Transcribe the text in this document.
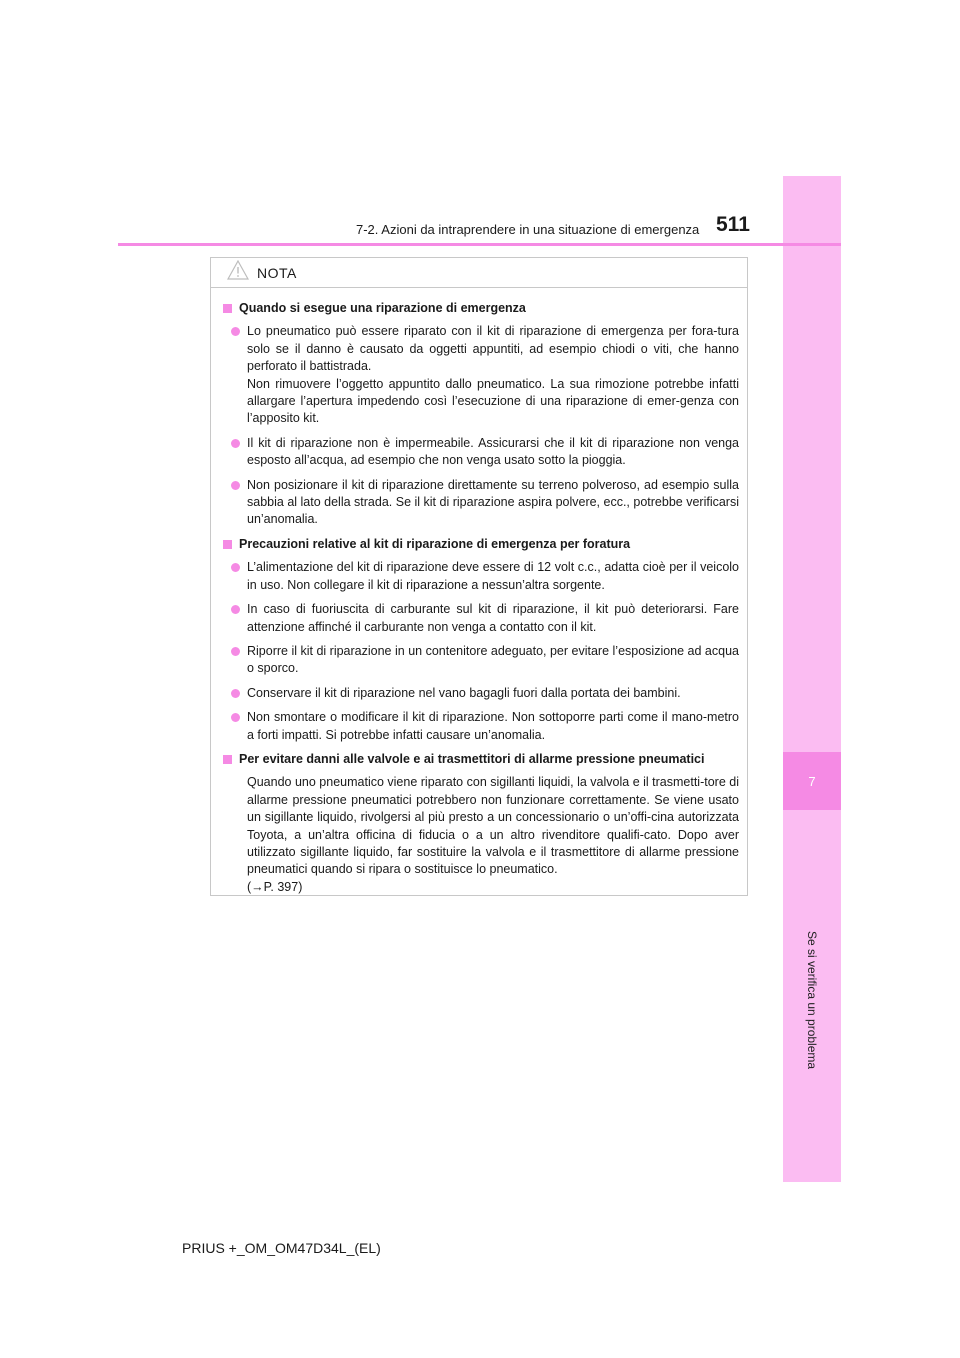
7
Se si verifica un problema
7-2. Azioni da intraprendere in una situazione di emergenza 511
NOTA
Quando si esegue una riparazione di emergenza
Lo pneumatico può essere riparato con il kit di riparazione di emergenza per fora-tura solo se il danno è causato da oggetti appuntiti, ad esempio chiodi o viti, che hanno perforato il battistrada.
Non rimuovere l’oggetto appuntito dallo pneumatico. La sua rimozione potrebbe infatti allargare l’apertura impedendo così l’esecuzione di una riparazione di emer-genza con l’apposito kit.
Il kit di riparazione non è impermeabile. Assicurarsi che il kit di riparazione non venga esposto all’acqua, ad esempio che non venga usato sotto la pioggia.
Non posizionare il kit di riparazione direttamente su terreno polveroso, ad esempio sulla sabbia al lato della strada. Se il kit di riparazione aspira polvere, ecc., potrebbe verificarsi un’anomalia.
Precauzioni relative al kit di riparazione di emergenza per foratura
L’alimentazione del kit di riparazione deve essere di 12 volt c.c., adatta cioè per il veicolo in uso. Non collegare il kit di riparazione a nessun’altra sorgente.
In caso di fuoriuscita di carburante sul kit di riparazione, il kit può deteriorarsi. Fare attenzione affinché il carburante non venga a contatto con il kit.
Riporre il kit di riparazione in un contenitore adeguato, per evitare l’esposizione ad acqua o sporco.
Conservare il kit di riparazione nel vano bagagli fuori dalla portata dei bambini.
Non smontare o modificare il kit di riparazione. Non sottoporre parti come il mano-metro a forti impatti. Si potrebbe infatti causare un’anomalia.
Per evitare danni alle valvole e ai trasmettitori di allarme pressione pneumatici
Quando uno pneumatico viene riparato con sigillanti liquidi, la valvola e il trasmetti-tore di allarme pressione pneumatici potrebbero non funzionare correttamente. Se viene usato un sigillante liquido, rivolgersi al più presto a un concessionario o un’offi-cina autorizzata Toyota, a un’altra officina di fiducia o a un altro rivenditore qualifi-cato. Dopo aver utilizzato sigillante liquido, far sostituire la valvola e il trasmettitore di allarme pressione pneumatici quando si ripara o sostituisce lo pneumatico.
(→P. 397)
PRIUS +_OM_OM47D34L_(EL)
